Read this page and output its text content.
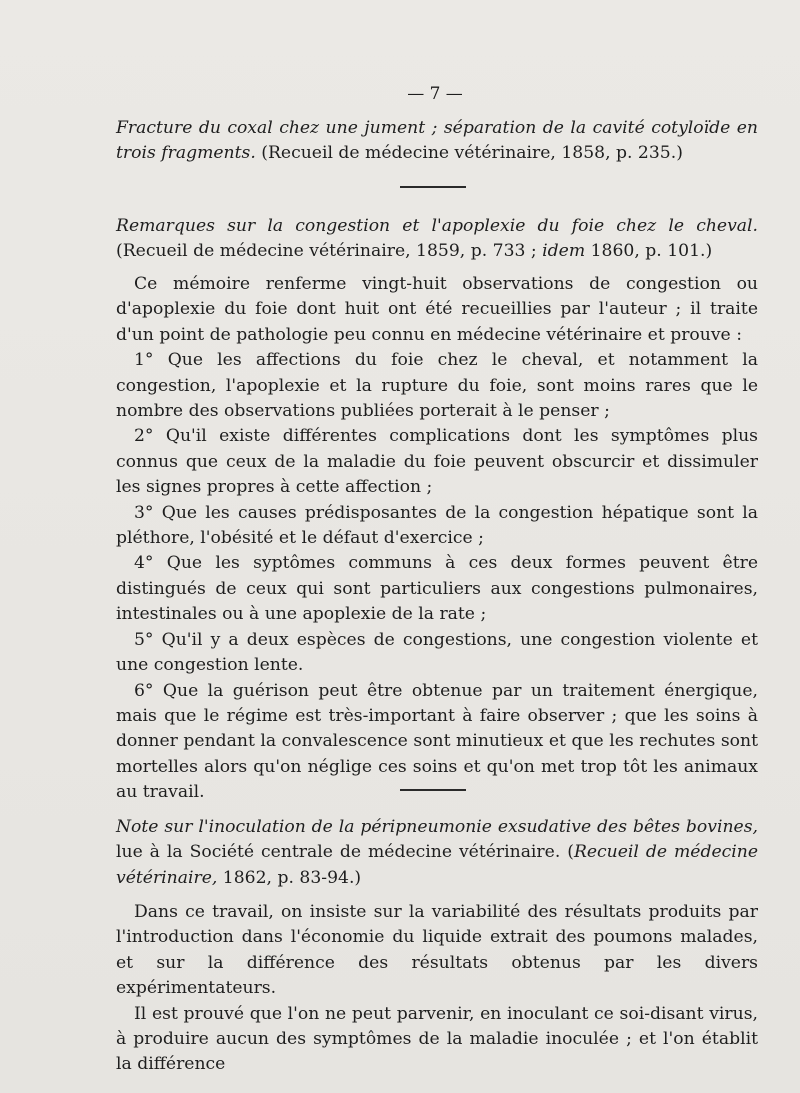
— 7 —

Fracture du coxal chez une jument ; séparation de la cavité cotyloïde en trois fragments. (Recueil de médecine vétérinaire, 1858, p. 235.)

Remarques sur la congestion et l'apoplexie du foie chez le cheval. (Recueil de médecine vétérinaire, 1859, p. 733 ; idem 1860, p. 101.)

Ce mémoire renferme vingt-huit observations de congestion ou d'apoplexie du foie dont huit ont été recueillies par l'auteur ; il traite d'un point de pathologie peu connu en médecine vétérinaire et prouve :

1° Que les affections du foie chez le cheval, et notamment la congestion, l'apoplexie et la rupture du foie, sont moins rares que le nombre des observations publiées porterait à le penser ;

2° Qu'il existe différentes complications dont les symptômes plus connus que ceux de la maladie du foie peuvent obscurcir et dissimuler les signes propres à cette affection ;

3° Que les causes prédisposantes de la congestion hépatique sont la pléthore, l'obésité et le défaut d'exercice ;

4° Que les syptômes communs à ces deux formes peuvent être distingués de ceux qui sont particuliers aux congestions pulmonaires, intestinales ou à une apoplexie de la rate ;

5° Qu'il y a deux espèces de congestions, une congestion violente et une congestion lente.

6° Que la guérison peut être obtenue par un traitement énergique, mais que le régime est très-important à faire observer ; que les soins à donner pendant la convalescence sont minutieux et que les rechutes sont mortelles alors qu'on néglige ces soins et qu'on met trop tôt les animaux au travail.

Note sur l'inoculation de la péripneumonie exsudative des bêtes bovines, lue à la Société centrale de médecine vétérinaire. (Recueil de médecine vétérinaire, 1862, p. 83-94.)

Dans ce travail, on insiste sur la variabilité des résultats produits par l'introduction dans l'économie du liquide extrait des poumons malades, et sur la différence des résultats obtenus par les divers expérimentateurs.

Il est prouvé que l'on ne peut parvenir, en inoculant ce soi-disant virus, à produire aucun des symptômes de la maladie inoculée ; et l'on établit la différence
